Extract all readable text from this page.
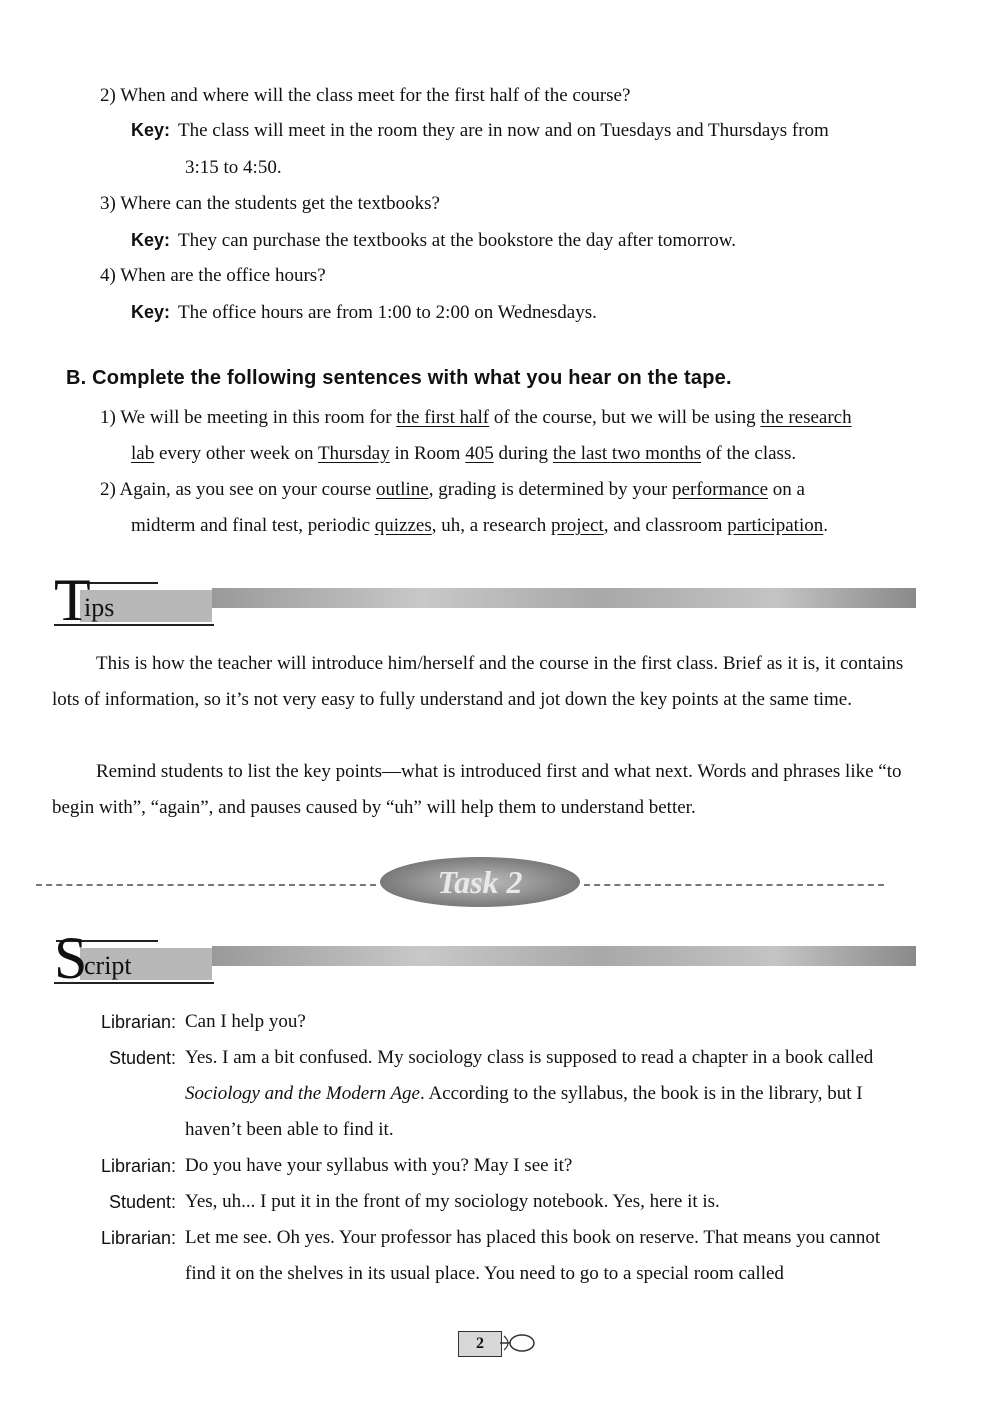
2) When and where will the class meet for the first half of the course?
Key: The class will meet in the room they are in now and on Tuesdays and Thursdays from
3:15 to 4:50.
3) Where can the students get the textbooks?
Key: They can purchase the textbooks at the bookstore the day after tomorrow.
4) When are the office hours?
Key: The office hours are from 1:00 to 2:00 on Wednesdays.
B. Complete the following sentences with what you hear on the tape.
1) We will be meeting in this room for the first half of the course, but we will be using the research
lab every other week on Thursday in Room 405 during the last two months of the class.
2) Again, as you see on your course outline, grading is determined by your performance on a
midterm and final test, periodic quizzes, uh, a research project, and classroom participation.
T
ips
This is how the teacher will introduce him/herself and the course in the first class. Brief as it is, it contains lots of information, so it’s not very easy to fully understand and jot down the key points at the same time.
Remind students to list the key points—what is introduced first and what next. Words and phrases like “to begin with”, “again”, and pauses caused by “uh” will help them to understand better.
Task 2
S
cript
Librarian: Can I help you?
Student: Yes. I am a bit confused. My sociology class is supposed to read a chapter in a book called Sociology and the Modern Age. According to the syllabus, the book is in the library, but I haven’t been able to find it.
Librarian: Do you have your syllabus with you? May I see it?
Student: Yes, uh... I put it in the front of my sociology notebook. Yes, here it is.
Librarian: Let me see. Oh yes. Your professor has placed this book on reserve. That means you cannot find it on the shelves in its usual place. You need to go to a special room called
2
